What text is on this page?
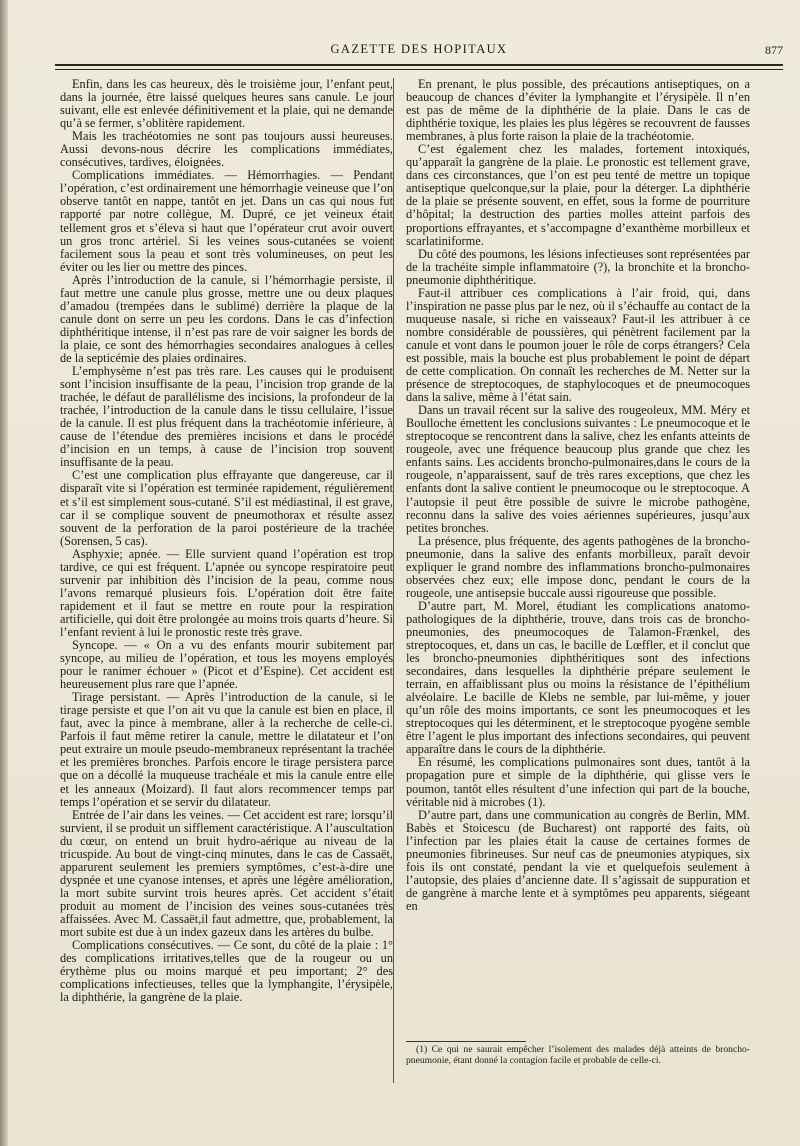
GAZETTE DES HOPITAUX	877

Enfin, dans les cas heureux, dès le troisième jour, l’enfant peut, dans la journée, être laissé quelques heures sans canule. Le jour suivant, elle est enlevée définitivement et la plaie, qui ne demande qu’à se fermer, s’oblitère rapidement.

Mais les trachéotomies ne sont pas toujours aussi heureuses. Aussi devons-nous décrire les complications immédiates, consécutives, tardives, éloignées.

Complications immédiates. — Hémorrhagies. — Pendant l’opération, c’est ordinairement une hémorrhagie veineuse que l’on observe tantôt en nappe, tantôt en jet. Dans un cas qui nous fut rapporté par notre collègue, M. Dupré, ce jet veineux était tellement gros et s’éleva si haut que l’opérateur crut avoir ouvert un gros tronc artériel. Si les veines sous-cutanées se voient facilement sous la peau et sont très volumineuses, on peut les éviter ou les lier ou mettre des pinces.

Après l’introduction de la canule, si l’hémorrhagie persiste, il faut mettre une canule plus grosse, mettre une ou deux plaques d’amadou (trempées dans le sublimé) derrière la plaque de la canule dont on serre un peu les cordons. Dans le cas d’infection diphthéritique intense, il n’est pas rare de voir saigner les bords de la plaie, ce sont des hémorrhagies secondaires analogues à celles de la septicémie des plaies ordinaires.

L’emphysème n’est pas très rare. Les causes qui le produisent sont l’incision insuffisante de la peau, l’incision trop grande de la trachée, le défaut de parallélisme des incisions, la profondeur de la trachée, l’introduction de la canule dans le tissu cellulaire, l’issue de la canule. Il est plus fréquent dans la trachéotomie inférieure, à cause de l’étendue des premières incisions et dans le procédé d’incision en un temps, à cause de l’incision trop souvent insuffisante de la peau.

C’est une complication plus effrayante que dangereuse, car il disparaît vite si l’opération est terminée rapidement, régulièrement et s’il est simplement sous-cutané. S’il est médiastinal, il est grave, car il se complique souvent de pneumothorax et résulte assez souvent de la perforation de la paroi postérieure de la trachée (Sorensen, 5 cas).

Asphyxie; apnée. — Elle survient quand l’opération est trop tardive, ce qui est fréquent. L’apnée ou syncope respiratoire peut survenir par inhibition dès l’incision de la peau, comme nous l’avons remarqué plusieurs fois. L’opération doit être faite rapidement et il faut se mettre en route pour la respiration artificielle, qui doit être prolongée au moins trois quarts d’heure. Si l’enfant revient à lui le pronostic reste très grave.

Syncope. — « On a vu des enfants mourir subitement par syncope, au milieu de l’opération, et tous les moyens employés pour le ranimer échouer » (Picot et d’Espine). Cet accident est heureusement plus rare que l’apnée.

Tirage persistant. — Après l’introduction de la canule, si le tirage persiste et que l’on ait vu que la canule est bien en place, il faut, avec la pince à membrane, aller à la recherche de celle-ci. Parfois il faut même retirer la canule, mettre le dilatateur et l’on peut extraire un moule pseudo-membraneux représentant la trachée et les premières bronches. Parfois encore le tirage persistera parce que on a décollé la muqueuse trachéale et mis la canule entre elle et les anneaux (Moizard). Il faut alors recommencer temps par temps l’opération et se servir du dilatateur.

Entrée de l’air dans les veines. — Cet accident est rare; lorsqu’il survient, il se produit un sifflement caractéristique. A l’auscultation du cœur, on entend un bruit hydro-aérique au niveau de la tricuspide. Au bout de vingt-cinq minutes, dans le cas de Cassaët, apparurent seulement les premiers symptômes, c’est-à-dire une dyspnée et une cyanose intenses, et après une légère amélioration, la mort subite survint trois heures après. Cet accident s’était produit au moment de l’incision des veines sous-cutanées très affaissées. Avec M. Cassaët,il faut admettre, que, probablement, la mort subite est due à un index gazeux dans les artères du bulbe.

Complications consécutives. — Ce sont, du côté de la plaie : 1° des complications irritatives,telles que de la rougeur ou un érythème plus ou moins marqué et peu important; 2° des complications infectieuses, telles que la lymphangite, l’érysipèle, la diphthérie, la gangrène de la plaie.

En prenant, le plus possible, des précautions antiseptiques, on a beaucoup de chances d’éviter la lymphangite et l’érysipèle. Il n’en est pas de même de la diphthérie de la plaie. Dans le cas de diphthérie toxique, les plaies les plus légères se recouvrent de fausses membranes, à plus forte raison la plaie de la trachéotomie.

C’est également chez les malades, fortement intoxiqués, qu’apparaît la gangrène de la plaie. Le pronostic est tellement grave, dans ces circonstances, que l’on est peu tenté de mettre un topique antiseptique quelconque,sur la plaie, pour la déterger. La diphthérie de la plaie se présente souvent, en effet, sous la forme de pourriture d’hôpital; la destruction des parties molles atteint parfois des proportions effrayantes, et s’accompagne d’exanthème morbilleux et scarlatiniforme.

Du côté des poumons, les lésions infectieuses sont représentées par de la trachéite simple inflammatoire (?), la bronchite et la broncho-pneumonie diphthéritique.

Faut-il attribuer ces complications à l’air froid, qui, dans l’inspiration ne passe plus par le nez, où il s’échauffe au contact de la muqueuse nasale, si riche en vaisseaux? Faut-il les attribuer à ce nombre considérable de poussières, qui pénètrent facilement par la canule et vont dans le poumon jouer le rôle de corps étrangers? Cela est possible, mais la bouche est plus probablement le point de départ de cette complication. On connaît les recherches de M. Netter sur la présence de streptocoques, de staphylocoques et de pneumocoques dans la salive, même à l’état sain.

Dans un travail récent sur la salive des rougeoleux, MM. Méry et Boulloche émettent les conclusions suivantes : Le pneumocoque et le streptocoque se rencontrent dans la salive, chez les enfants atteints de rougeole, avec une fréquence beaucoup plus grande que chez les enfants sains. Les accidents broncho-pulmonaires,dans le cours de la rougeole, n’apparaissent, sauf de très rares exceptions, que chez les enfants dont la salive contient le pneumocoque ou le streptocoque. A l’autopsie il peut être possible de suivre le microbe pathogène, reconnu dans la salive des voies aériennes supérieures, jusqu’aux petites bronches.

La présence, plus fréquente, des agents pathogènes de la broncho-pneumonie, dans la salive des enfants morbilleux, paraît devoir expliquer le grand nombre des inflammations broncho-pulmonaires observées chez eux; elle impose donc, pendant le cours de la rougeole, une antisepsie buccale aussi rigoureuse que possible.

D’autre part, M. Morel, étudiant les complications anatomo-pathologiques de la diphthérie, trouve, dans trois cas de broncho-pneumonies, des pneumocoques de Talamon-Frænkel, des streptocoques, et, dans un cas, le bacille de Lœffler, et il conclut que les broncho-pneumonies diphthéritiques sont des infections secondaires, dans lesquelles la diphthérie prépare seulement le terrain, en affaiblissant plus ou moins la résistance de l’épithélium alvéolaire. Le bacille de Klebs ne semble, par lui-même, y jouer qu’un rôle des moins importants, ce sont les pneumocoques et les streptocoques qui les déterminent, et le streptocoque pyogène semble être l’agent le plus important des infections secondaires, qui peuvent apparaître dans le cours de la diphthérie.

En résumé, les complications pulmonaires sont dues, tantôt à la propagation pure et simple de la diphthérie, qui glisse vers le poumon, tantôt elles résultent d’une infection qui part de la bouche, véritable nid à microbes (1).

D’autre part, dans une communication au congrès de Berlin, MM. Babès et Stoicescu (de Bucharest) ont rapporté des faits, où l’infection par les plaies était la cause de certaines formes de pneumonies fibrineuses. Sur neuf cas de pneumonies atypiques, six fois ils ont constaté, pendant la vie et quelquefois seulement à l’autopsie, des plaies d’ancienne date. Il s’agissait de suppuration et de gangrène à marche lente et à symptômes peu apparents, siégeant en

(1) Ce qui ne saurait empêcher l’isolement des malades déjà atteints de broncho-pneumonie, étant donné la contagion facile et probable de celle-ci.
